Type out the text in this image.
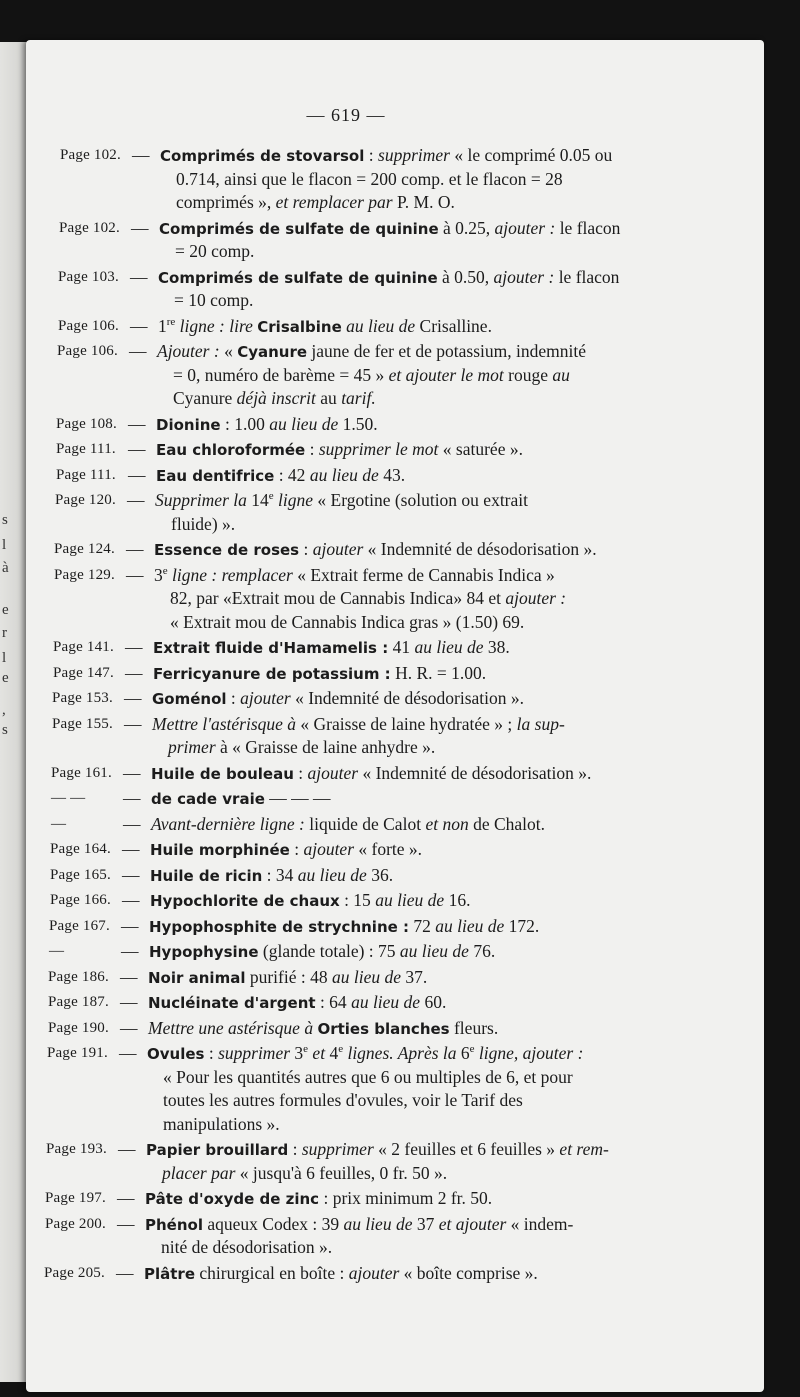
s
l
à
e
r
l
e
,
s
— 619 —
Page 102. — Comprimés de stovarsol : supprimer « le comprimé 0.05 ou
0.714, ainsi que le flacon = 200 comp. et le flacon = 28
comprimés », et remplacer par P. M. O.
Page 102. — Comprimés de sulfate de quinine à 0.25, ajouter : le flacon
= 20 comp.
Page 103. — Comprimés de sulfate de quinine à 0.50, ajouter : le flacon
= 10 comp.
Page 106. — 1re ligne : lire Crisalbine au lieu de Crisalline.
Page 106. — Ajouter : « Cyanure jaune de fer et de potassium, indemnité
= 0, numéro de barème = 45 » et ajouter le mot rouge au
Cyanure déjà inscrit au tarif.
Page 108. — Dionine : 1.00 au lieu de 1.50.
Page 111. — Eau chloroformée : supprimer le mot « saturée ».
Page 111. — Eau dentifrice : 42 au lieu de 43.
Page 120. — Supprimer la 14e ligne « Ergotine (solution ou extrait
fluide) ».
Page 124. — Essence de roses : ajouter « Indemnité de désodorisation ».
Page 129. — 3e ligne : remplacer « Extrait ferme de Cannabis Indica »
82, par «Extrait mou de Cannabis Indica» 84 et ajouter :
« Extrait mou de Cannabis Indica gras » (1.50) 69.
Page 141. — Extrait fluide d'Hamamelis : 41 au lieu de 38.
Page 147. — Ferricyanure de potassium : H. R. = 1.00.
Page 153. — Goménol : ajouter « Indemnité de désodorisation ».
Page 155. — Mettre l'astérisque à « Graisse de laine hydratée » ; la sup-
primer à « Graisse de laine anhydre ».
Page 161. — Huile de bouleau : ajouter « Indemnité de désodorisation ».
— —	— de cade vraie — — —
—	— Avant-dernière ligne : liquide de Calot et non de Chalot.
Page 164. — Huile morphinée : ajouter « forte ».
Page 165. — Huile de ricin : 34 au lieu de 36.
Page 166. — Hypochlorite de chaux : 15 au lieu de 16.
Page 167. — Hypophosphite de strychnine : 72 au lieu de 172.
—	— Hypophysine (glande totale) : 75 au lieu de 76.
Page 186. — Noir animal purifié : 48 au lieu de 37.
Page 187. — Nucléinate d'argent : 64 au lieu de 60.
Page 190. — Mettre une astérisque à Orties blanches fleurs.
Page 191. — Ovules : supprimer 3e et 4e lignes. Après la 6e ligne, ajouter :
« Pour les quantités autres que 6 ou multiples de 6, et pour
toutes les autres formules d'ovules, voir le Tarif des
manipulations ».
Page 193. — Papier brouillard : supprimer « 2 feuilles et 6 feuilles » et rem-
placer par « jusqu'à 6 feuilles, 0 fr. 50 ».
Page 197. — Pâte d'oxyde de zinc : prix minimum 2 fr. 50.
Page 200. — Phénol aqueux Codex : 39 au lieu de 37 et ajouter « indem-
nité de désodorisation ».
Page 205. — Plâtre chirurgical en boîte : ajouter « boîte comprise ».
